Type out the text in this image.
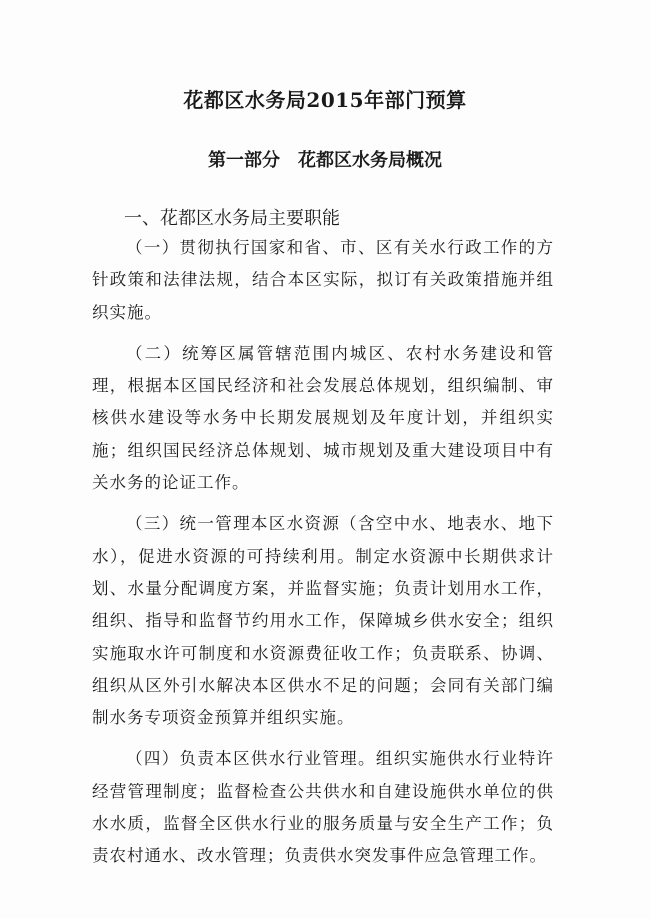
花都区水务局2015年部门预算
第一部分 花都区水务局概况
一、花都区水务局主要职能

（一）贯彻执行国家和省、市、区有关水行政工作的方针政策和法律法规，结合本区实际，拟订有关政策措施并组织实施。

（二）统筹区属管辖范围内城区、农村水务建设和管理，根据本区国民经济和社会发展总体规划，组织编制、审核供水建设等水务中长期发展规划及年度计划，并组织实施；组织国民经济总体规划、城市规划及重大建设项目中有关水务的论证工作。

（三）统一管理本区水资源（含空中水、地表水、地下水），促进水资源的可持续利用。制定水资源中长期供求计划、水量分配调度方案，并监督实施；负责计划用水工作，组织、指导和监督节约用水工作，保障城乡供水安全；组织实施取水许可制度和水资源费征收工作；负责联系、协调、组织从区外引水解决本区供水不足的问题；会同有关部门编制水务专项资金预算并组织实施。

（四）负责本区供水行业管理。组织实施供水行业特许经营管理制度；监督检查公共供水和自建设施供水单位的供水水质，监督全区供水行业的服务质量与安全生产工作；负责农村通水、改水管理；负责供水突发事件应急管理工作。
